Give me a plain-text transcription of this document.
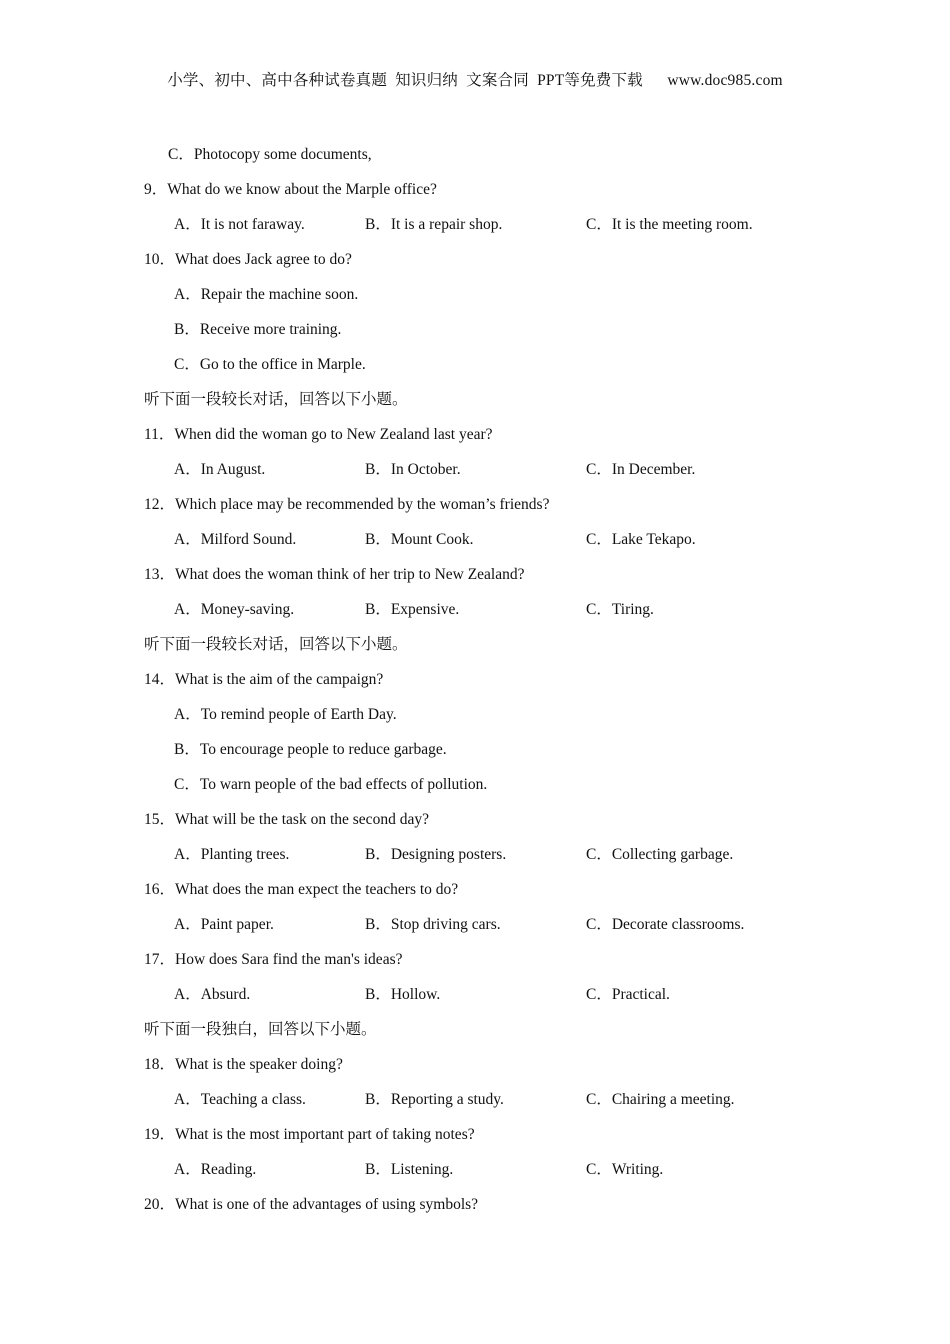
小学、初中、高中各种试卷真题  知识归纳  文案合同  PPT等免费下载      www.doc985.com
C．Photocopy some documents,
9．What do we know about the Marple office?
A．It is not faraway.	B．It is a repair shop.	C．It is the meeting room.
10．What does Jack agree to do?
A．Repair the machine soon.
B．Receive more training.
C．Go to the office in Marple.
听下面一段较长对话，回答以下小题。
11．When did the woman go to New Zealand last year?
A．In August.	B．In October.	C．In December.
12．Which place may be recommended by the woman’s friends?
A．Milford Sound.	B．Mount Cook.	C．Lake Tekapo.
13．What does the woman think of her trip to New Zealand?
A．Money-saving.	B．Expensive.	C．Tiring.
听下面一段较长对话，回答以下小题。
14．What is the aim of the campaign?
A．To remind people of Earth Day.
B．To encourage people to reduce garbage.
C．To warn people of the bad effects of pollution.
15．What will be the task on the second day?
A．Planting trees.	B．Designing posters.	C．Collecting garbage.
16．What does the man expect the teachers to do?
A．Paint paper.	B．Stop driving cars.	C．Decorate classrooms.
17．How does Sara find the man's ideas?
A．Absurd.	B．Hollow.	C．Practical.
听下面一段独白，回答以下小题。
18．What is the speaker doing?
A．Teaching a class.	B．Reporting a study.	C．Chairing a meeting.
19．What is the most important part of taking notes?
A．Reading.	B．Listening.	C．Writing.
20．What is one of the advantages of using symbols?
